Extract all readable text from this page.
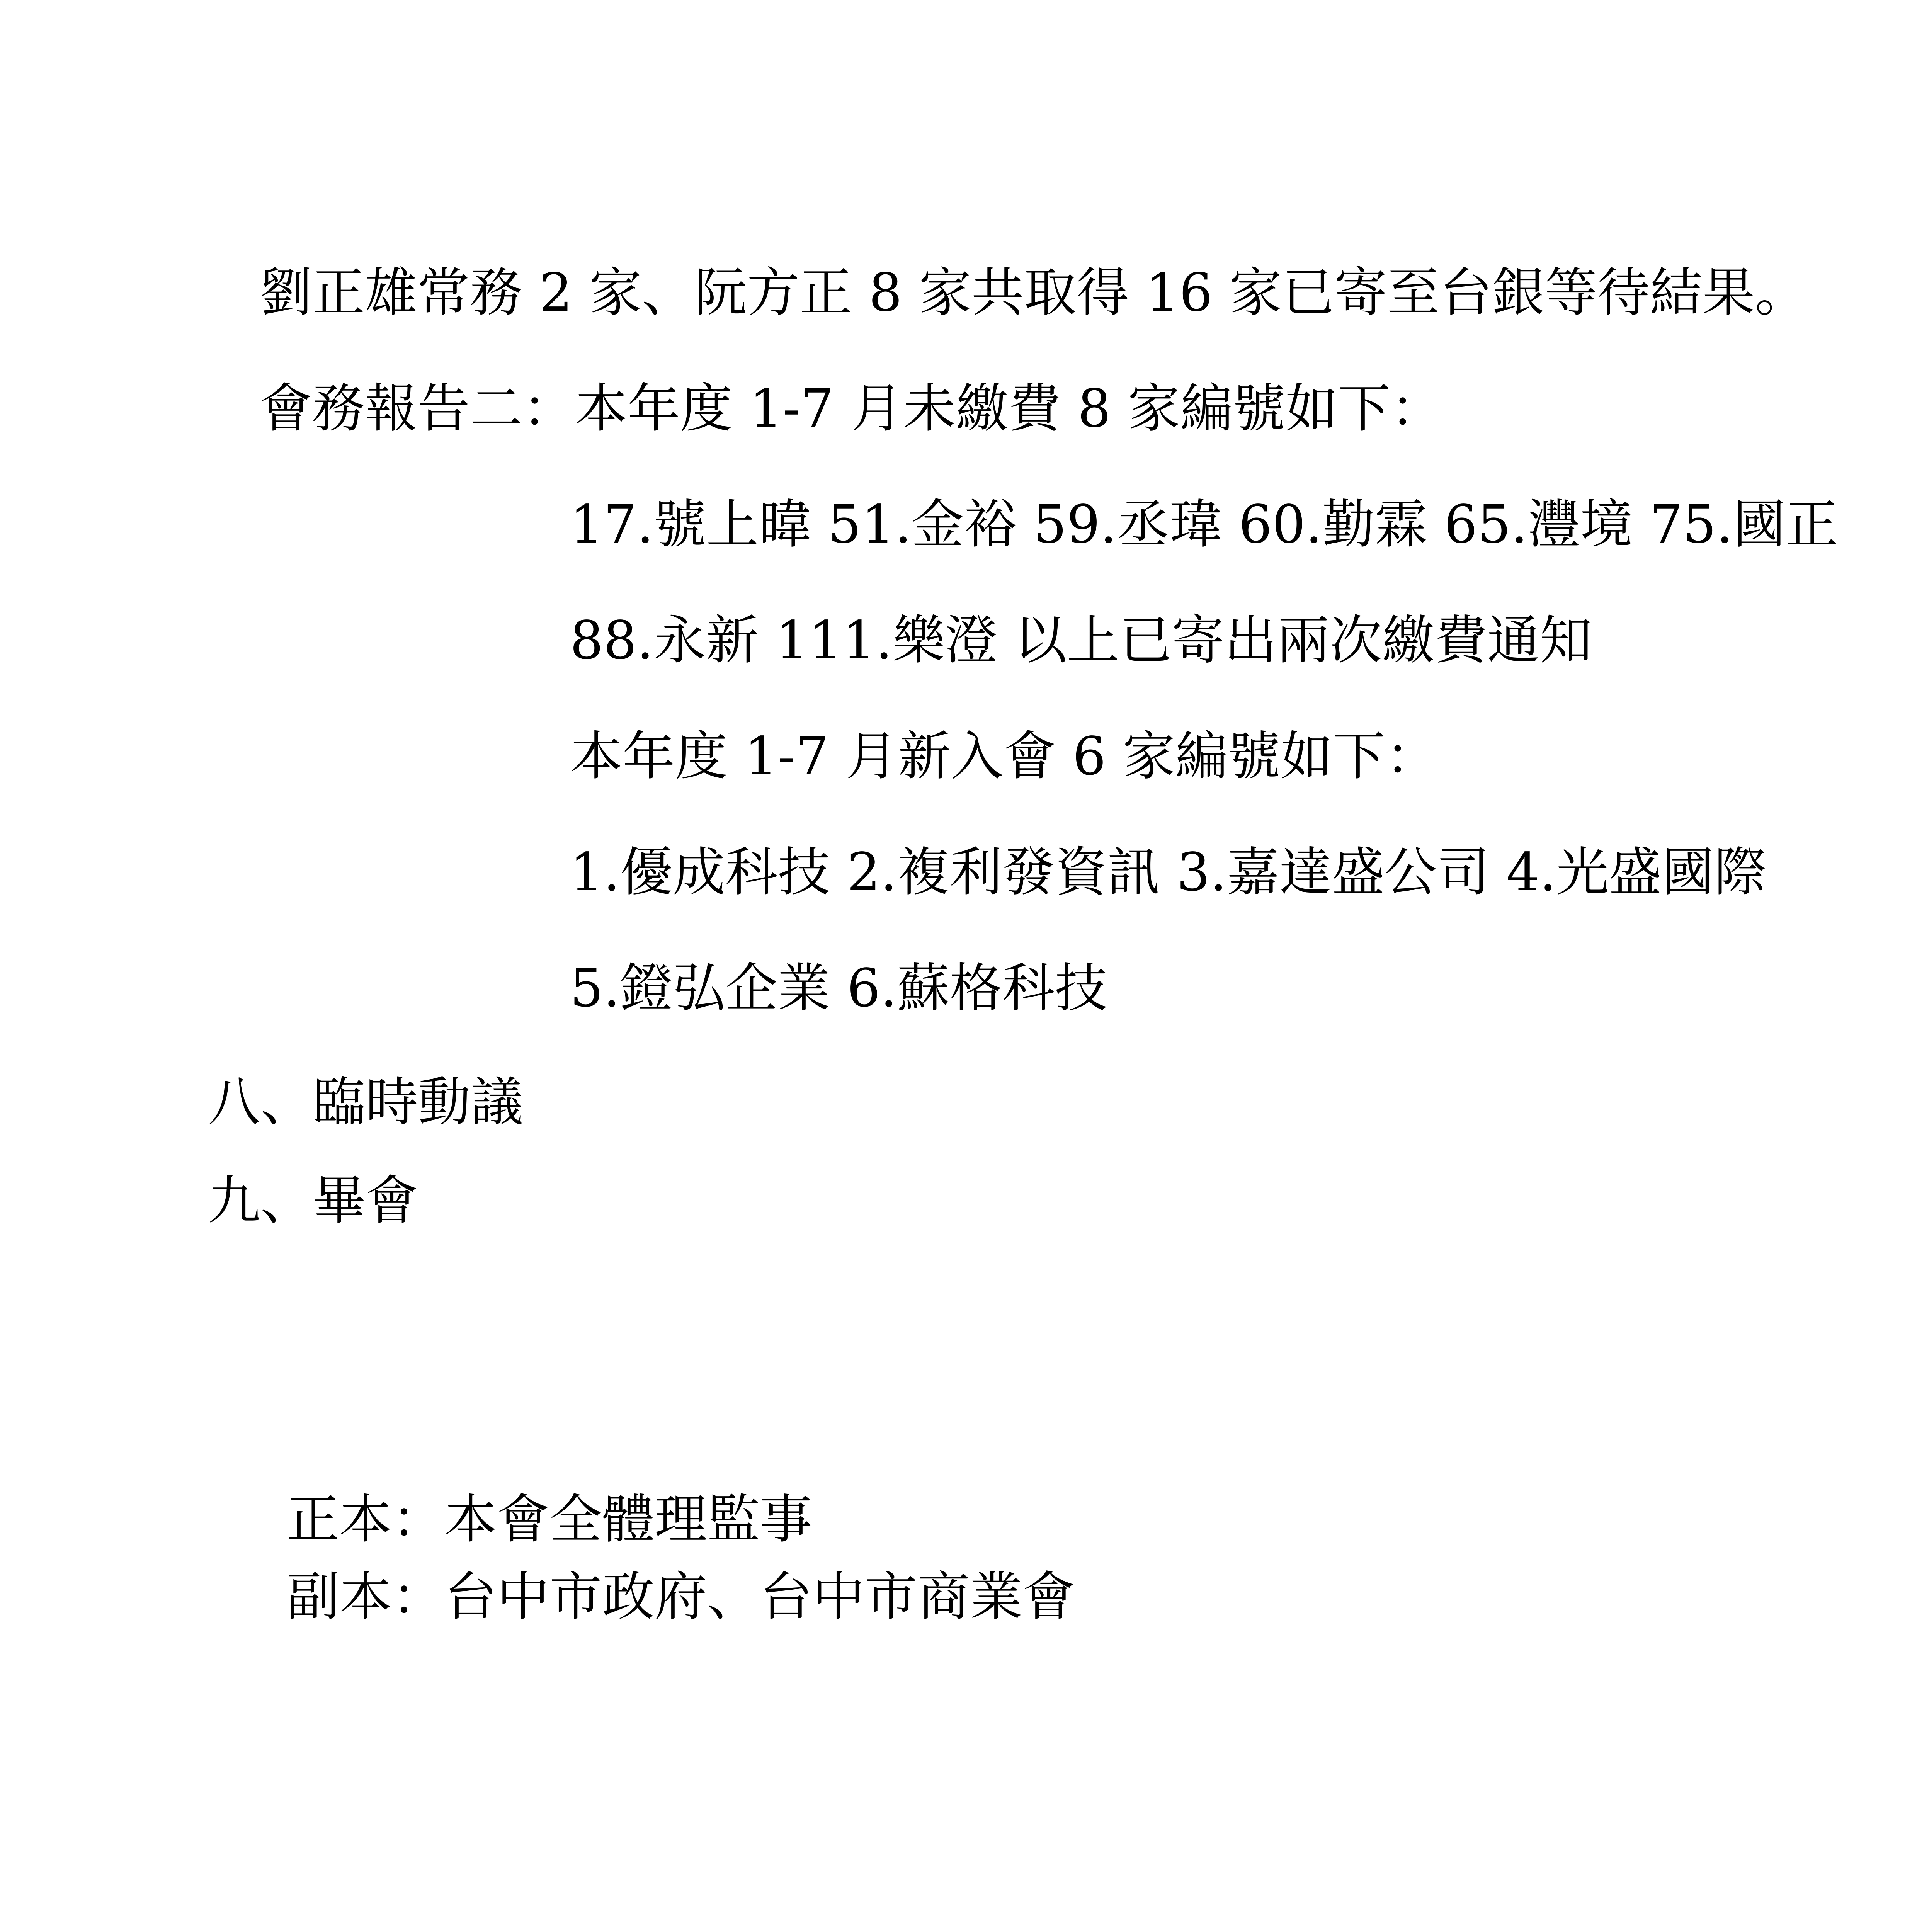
劉正雄常務 2 家、阮方正 8 家共取得 16 家已寄至台銀等待結果。
會務報告二：本年度 1-7 月未繳費 8 家編號如下：
17.號上暐 51.金裕 59.丞瑋 60.勤霖 65.灃境 75.國正
88.永新 111.樂澄 以上已寄出兩次繳費通知
本年度 1-7 月新入會 6 家編號如下：
1.優成科技 2.複利發資訊 3.嘉達盛公司 4.光盛國際
5.鐙弘企業 6.蘇格科技
八、臨時動議
九、畢會
正本：本會全體理監事
副本：台中市政府、台中市商業會
